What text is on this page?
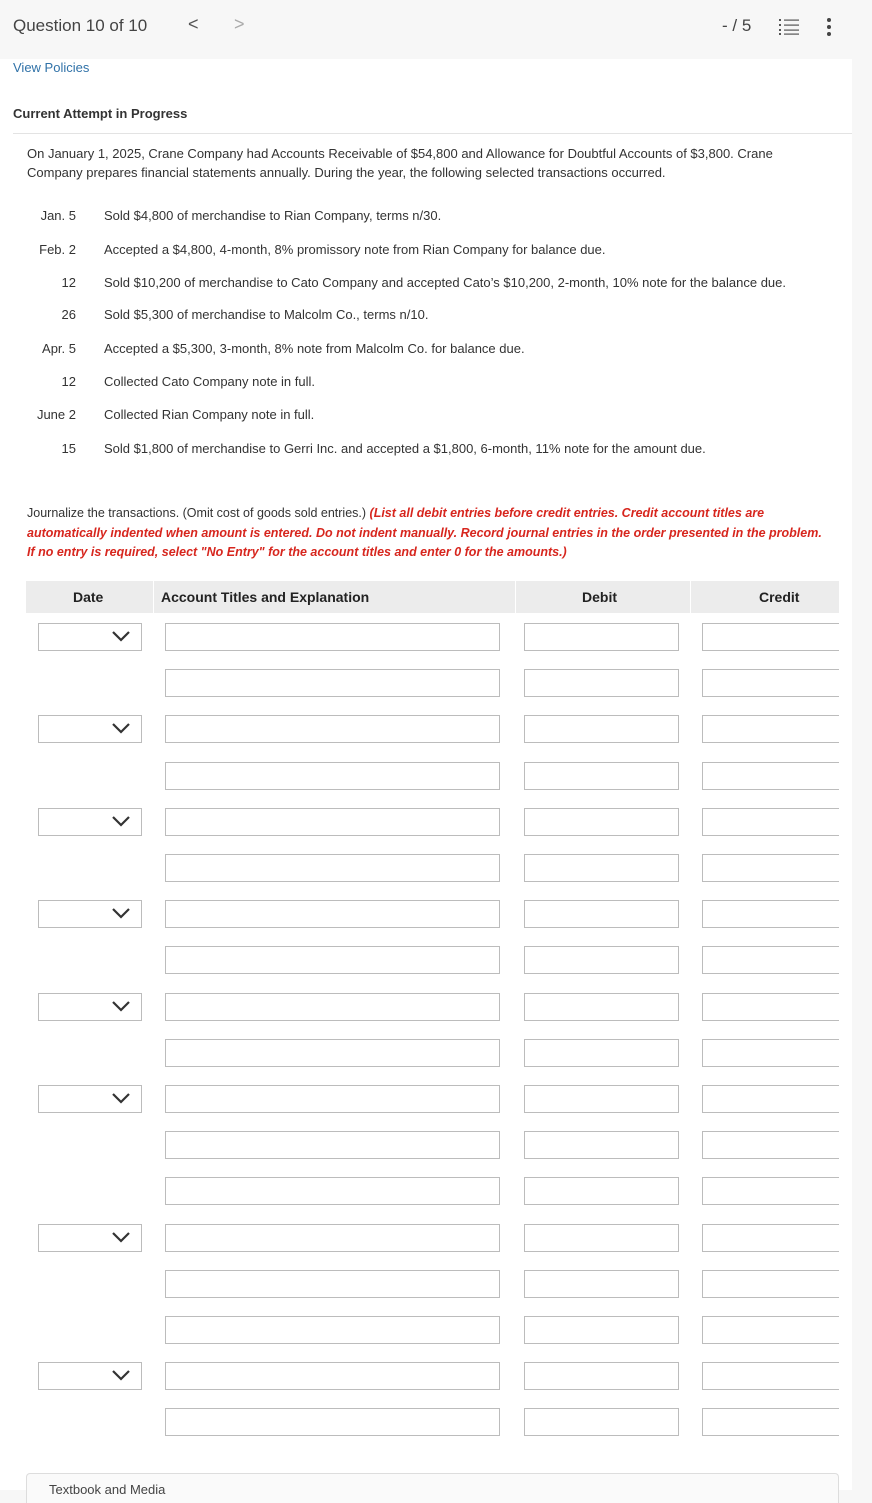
Question 10 of 10 < >	- / 5
View Policies
Current Attempt in Progress
On January 1, 2025, Crane Company had Accounts Receivable of $54,800 and Allowance for Doubtful Accounts of $3,800. Crane Company prepares financial statements annually. During the year, the following selected transactions occurred.
Jan. 5 Sold $4,800 of merchandise to Rian Company, terms n/30.
Feb. 2 Accepted a $4,800, 4-month, 8% promissory note from Rian Company for balance due.
12 Sold $10,200 of merchandise to Cato Company and accepted Cato’s $10,200, 2-month, 10% note for the balance due.
26 Sold $5,300 of merchandise to Malcolm Co., terms n/10.
Apr. 5 Accepted a $5,300, 3-month, 8% note from Malcolm Co. for balance due.
12 Collected Cato Company note in full.
June 2 Collected Rian Company note in full.
15 Sold $1,800 of merchandise to Gerri Inc. and accepted a $1,800, 6-month, 11% note for the amount due.
Journalize the transactions. (Omit cost of goods sold entries.) (List all debit entries before credit entries. Credit account titles are automatically indented when amount is entered. Do not indent manually. Record journal entries in the order presented in the problem. If no entry is required, select "No Entry" for the account titles and enter 0 for the amounts.)
Date	Account Titles and Explanation	Debit	Credit
Textbook and Media
